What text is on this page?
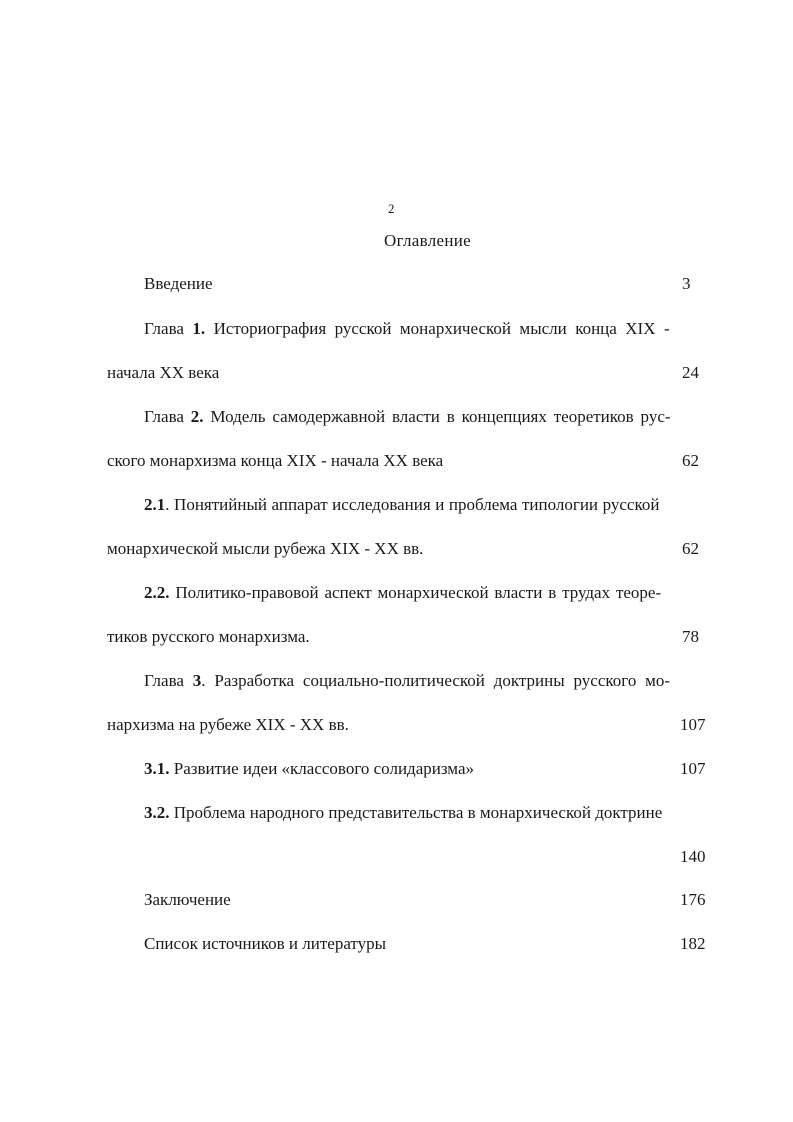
2
Оглавление
Введение	3
Глава 1. Историография русской монархической мысли конца XIX -
начала XX века	24
Глава 2. Модель самодержавной власти в концепциях теоретиков рус-
ского монархизма конца XIX - начала XX века	62
2.1. Понятийный аппарат исследования и проблема типологии русской
монархической мысли рубежа XIX - XX вв.	62
2.2. Политико-правовой аспект монархической власти в трудах теоре-
тиков русского монархизма.	78
Глава 3. Разработка социально-политической доктрины русского мо-
нархизма на рубеже XIX - XX вв.	107
3.1. Развитие идеи «классового солидаризма»	107
3.2. Проблема народного представительства в монархической доктрине
140
Заключение	176
Список источников и литературы	182
